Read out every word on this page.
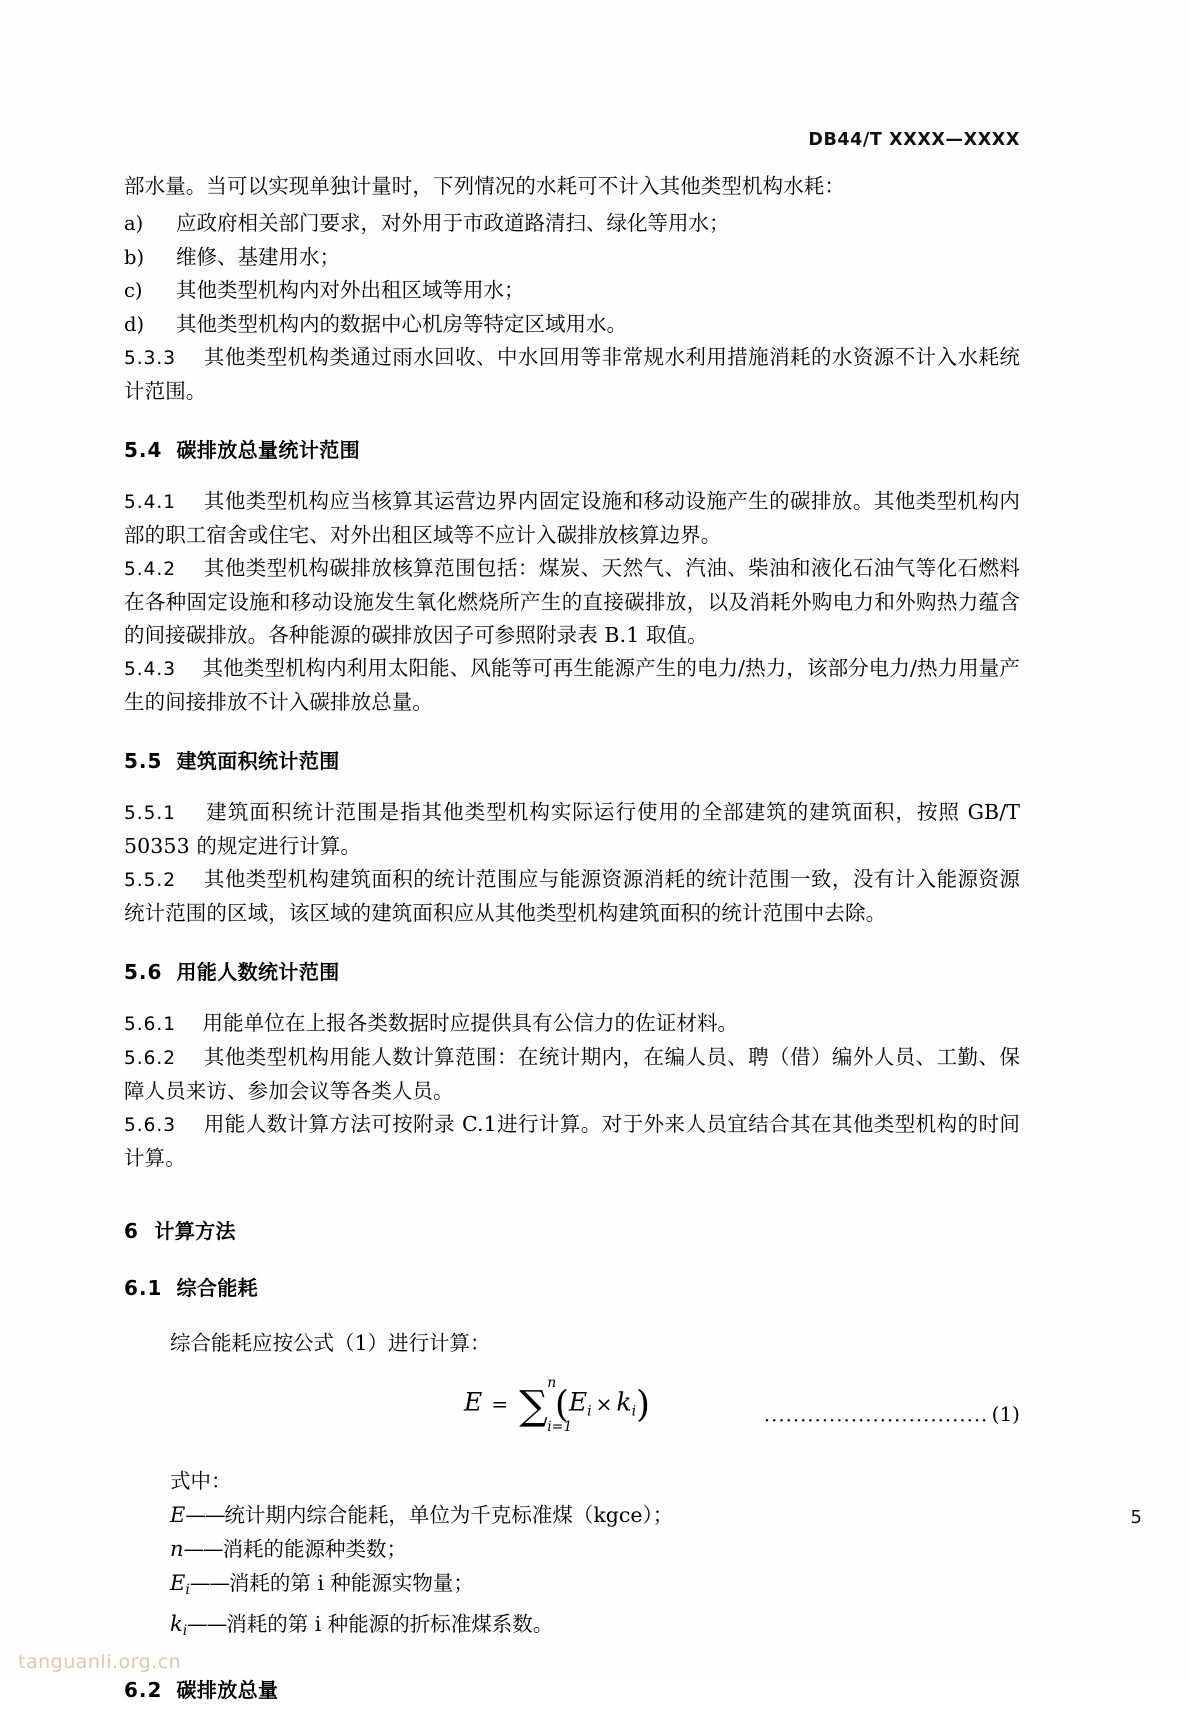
DB44/T XXXX—XXXX

部水量。当可以实现单独计量时，下列情况的水耗可不计入其他类型机构水耗：

a)	应政府相关部门要求，对外用于市政道路清扫、绿化等用水；
b)	维修、基建用水；
c)	其他类型机构内对外出租区域等用水；
d)	其他类型机构内的数据中心机房等特定区域用水。

5.3.3 其他类型机构类通过雨水回收、中水回用等非常规水利用措施消耗的水资源不计入水耗统计范围。

5.4 碳排放总量统计范围

5.4.1 其他类型机构应当核算其运营边界内固定设施和移动设施产生的碳排放。其他类型机构内部的职工宿舍或住宅、对外出租区域等不应计入碳排放核算边界。

5.4.2 其他类型机构碳排放核算范围包括：煤炭、天然气、汽油、柴油和液化石油气等化石燃料在各种固定设施和移动设施发生氧化燃烧所产生的直接碳排放，以及消耗外购电力和外购热力蕴含的间接碳排放。各种能源的碳排放因子可参照附录表 B.1 取值。

5.4.3 其他类型机构内利用太阳能、风能等可再生能源产生的电力/热力，该部分电力/热力用量产生的间接排放不计入碳排放总量。

5.5 建筑面积统计范围

5.5.1 建筑面积统计范围是指其他类型机构实际运行使用的全部建筑的建筑面积，按照 GB/T 50353 的规定进行计算。

5.5.2 其他类型机构建筑面积的统计范围应与能源资源消耗的统计范围一致，没有计入能源资源统计范围的区域，该区域的建筑面积应从其他类型机构建筑面积的统计范围中去除。

5.6 用能人数统计范围

5.6.1 用能单位在上报各类数据时应提供具有公信力的佐证材料。

5.6.2 其他类型机构用能人数计算范围：在统计期内，在编人员、聘（借）编外人员、工勤、保障人员来访、参加会议等各类人员。

5.6.3 用能人数计算方法可按附录 C.1进行计算。对于外来人员宜结合其在其他类型机构的时间计算。

6 计算方法
6.1 综合能耗
综合能耗应按公式（1）进行计算：
E = ∑ n
i=1
(Ei × ki)	······························· (1)
式中：
E——统计期内综合能耗，单位为千克标准煤（kgce）；
n——消耗的能源种类数；
Ei——消耗的第 i 种能源实物量；
ki——消耗的第 i 种能源的折标准煤系数。
6.2 碳排放总量
5
tanguanli.org.cn
